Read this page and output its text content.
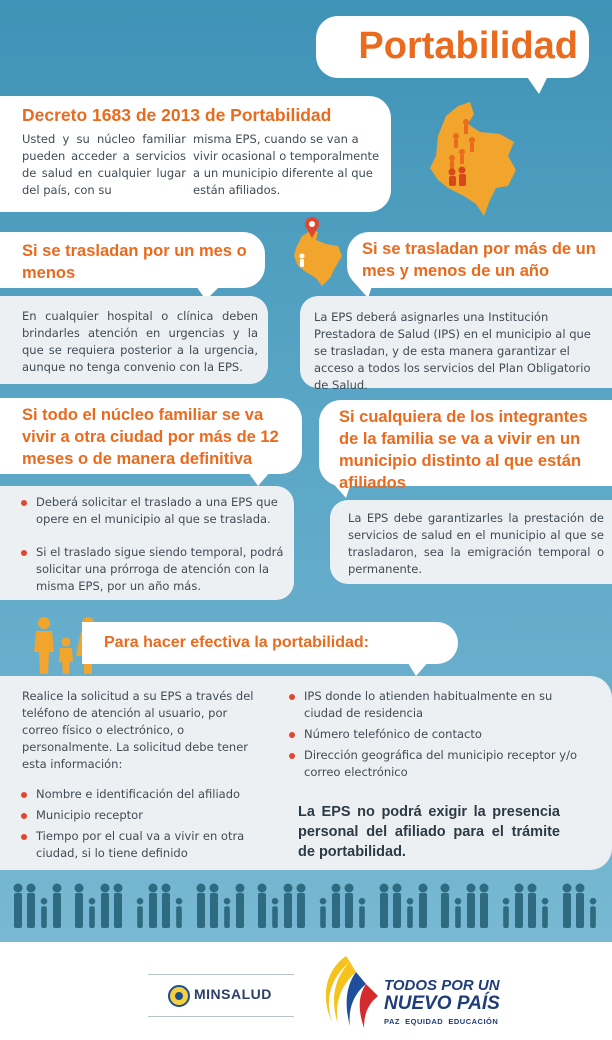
Portabilidad
Decreto 1683 de 2013 de Portabilidad
Usted y su núcleo familiar pueden acceder a servicios de salud en cualquier lugar del país, con su
misma EPS, cuando se van a vivir ocasional o temporalmente a un municipio diferente al que están afiliados.
Si se trasladan por un mes o menos
Si se trasladan por más de un mes y menos de un año
En cualquier hospital o clínica deben brindarles atención en urgencias y la que se requiera posterior a la urgencia, aunque no tenga convenio con la EPS.
La EPS deberá asignarles una Institución Prestadora de Salud (IPS) en el municipio al que se trasladan, y de esta manera garantizar el acceso a todos los servicios del Plan Obligatorio de Salud.
Si todo el núcleo familiar se va vivir a otra ciudad por más de 12 meses o de manera definitiva
Si cualquiera de los integrantes de la familia se va a vivir en un municipio distinto al que están afiliados
Deberá solicitar el traslado a una EPS que opere en el municipio al que se traslada.
Si el traslado sigue siendo temporal, podrá solicitar una prórroga de atención con la misma EPS, por un año más.
La EPS debe garantizarles la prestación de servicios de salud en el municipio al que se trasladaron, sea la emigración temporal o permanente.
Para hacer efectiva la portabilidad:
Realice la solicitud a su EPS a través del teléfono de atención al usuario, por correo físico o electrónico, o personalmente. La solicitud debe tener esta información:
Nombre e identificación del afiliado
Municipio receptor
Tiempo por el cual va a vivir en otra ciudad, si lo tiene definido
IPS donde lo atienden habitualmente en su ciudad de residencia
Número telefónico de contacto
Dirección geográfica del municipio receptor y/o correo electrónico
La EPS no podrá exigir la presencia personal del afiliado para el trámite de portabilidad.
MINSALUD	TODOS POR UN
NUEVO PAÍS
PAZ  EQUIDAD  EDUCACIÓN
